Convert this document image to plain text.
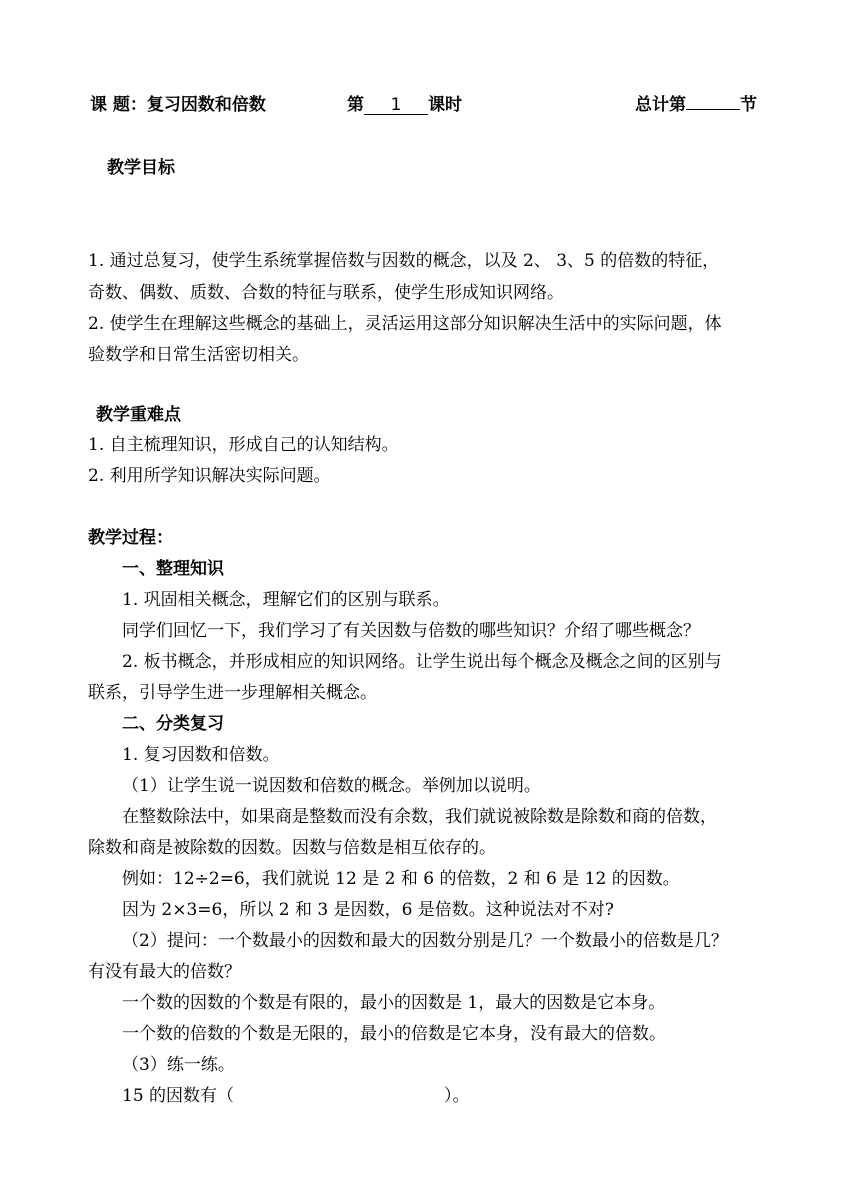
课 题：复习因数和倍数	第 1 课时	总计第	节
教学目标
1. 通过总复习，使学生系统掌握倍数与因数的概念，以及 2、 3、5 的倍数的特征，
奇数、偶数、质数、合数的特征与联系，使学生形成知识网络。
2. 使学生在理解这些概念的基础上，灵活运用这部分知识解决生活中的实际问题，体
验数学和日常生活密切相关。
教学重难点
1. 自主梳理知识，形成自己的认知结构。
2. 利用所学知识解决实际问题。
教学过程：
一、整理知识
1. 巩固相关概念，理解它们的区别与联系。
同学们回忆一下，我们学习了有关因数与倍数的哪些知识？介绍了哪些概念？
2. 板书概念，并形成相应的知识网络。让学生说出每个概念及概念之间的区别与
联系，引导学生进一步理解相关概念。
二、分类复习
1. 复习因数和倍数。
（1）让学生说一说因数和倍数的概念。举例加以说明。
在整数除法中，如果商是整数而没有余数，我们就说被除数是除数和商的倍数，
除数和商是被除数的因数。因数与倍数是相互依存的。
例如：12÷2=6，我们就说 12 是 2 和 6 的倍数，2 和 6 是 12 的因数。
因为 2×3=6，所以 2 和 3 是因数，6 是倍数。这种说法对不对?
（2）提问：一个数最小的因数和最大的因数分别是几？一个数最小的倍数是几？
有没有最大的倍数？
一个数的因数的个数是有限的，最小的因数是 1，最大的因数是它本身。
一个数的倍数的个数是无限的，最小的倍数是它本身，没有最大的倍数。
（3）练一练。
15 的因数有（	）。
